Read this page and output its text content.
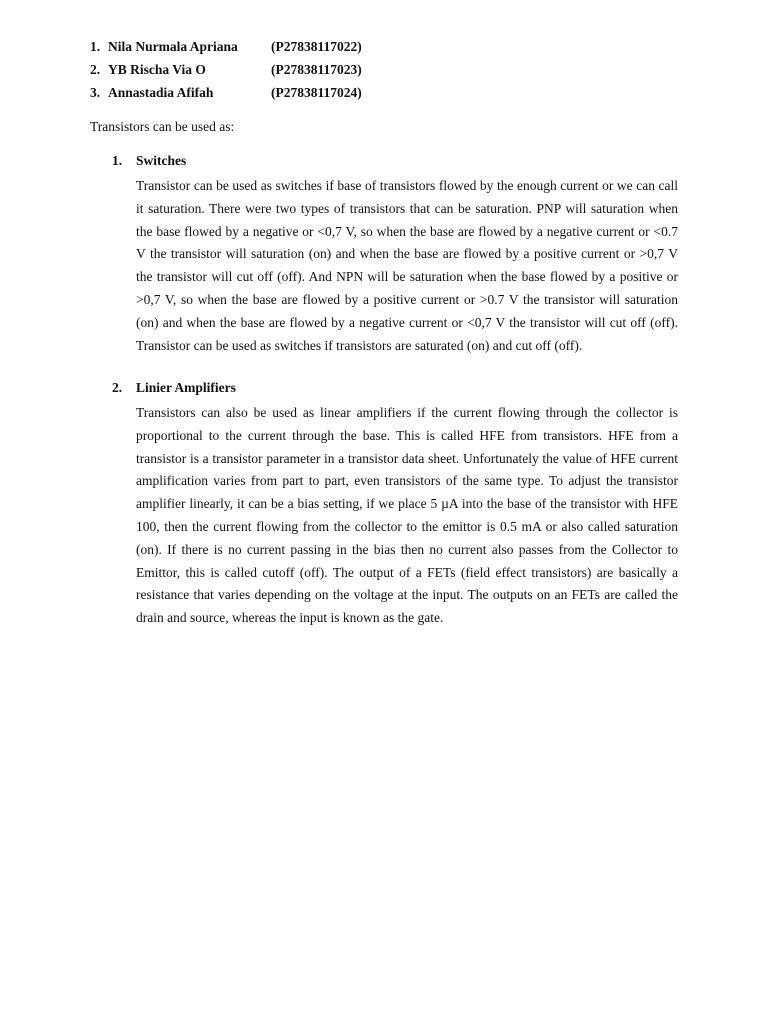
1. Nila Nurmala Apriana (P27838117022)
2. YB Rischa Via O	(P27838117023)
3. Annastadia Afifah	(P27838117024)

Transistors can be used as:

1. Switches

Transistor can be used as switches if base of transistors flowed by the enough current or we can call it saturation. There were two types of transistors that can be saturation. PNP will saturation when the base flowed by a negative or <0,7 V, so when the base are flowed by a negative current or <0.7 V the transistor will saturation (on) and when the base are flowed by a positive current or >0,7 V the transistor will cut off (off). And NPN will be saturation when the base flowed by a positive or >0,7 V, so when the base are flowed by a positive current or >0.7 V the transistor will saturation (on) and when the base are flowed by a negative current or <0,7 V the transistor will cut off (off). Transistor can be used as switches if transistors are saturated (on) and cut off (off).

2. Linier Amplifiers

Transistors can also be used as linear amplifiers if the current flowing through the collector is proportional to the current through the base. This is called HFE from transistors. HFE from a transistor is a transistor parameter in a transistor data sheet. Unfortunately the value of HFE current amplification varies from part to part, even transistors of the same type. To adjust the transistor amplifier linearly, it can be a bias setting, if we place 5 µA into the base of the transistor with HFE 100, then the current flowing from the collector to the emittor is 0.5 mA or also called saturation (on). If there is no current passing in the bias then no current also passes from the Collector to Emittor, this is called cutoff (off). The output of a FETs (field effect transistors) are basically a resistance that varies depending on the voltage at the input. The outputs on an FETs are called the drain and source, whereas the input is known as the gate.
